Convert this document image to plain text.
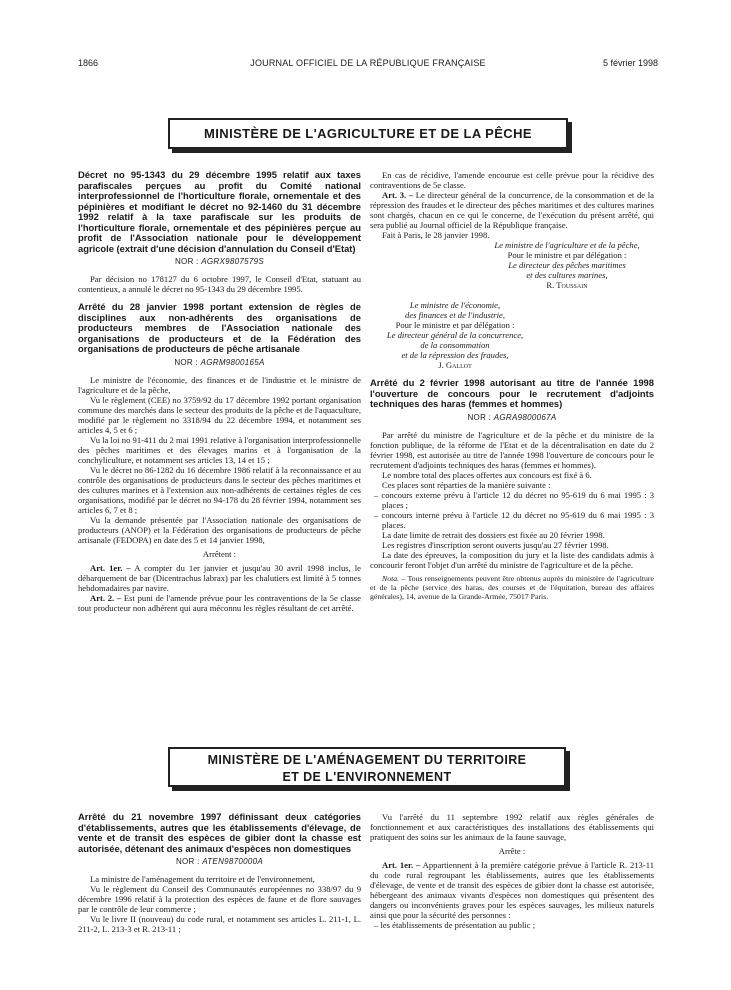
1866	JOURNAL OFFICIEL DE LA RÉPUBLIQUE FRANÇAISE	5 février 1998
MINISTÈRE DE L'AGRICULTURE ET DE LA PÊCHE

Décret no 95-1343 du 29 décembre 1995 relatif aux taxes parafiscales perçues au profit du Comité national interprofessionnel de l'horticulture florale, ornementale et des pépinières et modifiant le décret no 92-1460 du 31 décembre 1992 relatif à la taxe parafiscale sur les produits de l'horticulture florale, ornementale et des pépinières perçue au profit de l'Association nationale pour le développement agricole (extrait d'une décision d'annulation du Conseil d'Etat)

NOR : AGRX9807579S

Par décision no 178127 du 6 octobre 1997, le Conseil d'Etat, statuant au contentieux, a annulé le décret no 95-1343 du 29 décembre 1995.

Arrêté du 28 janvier 1998 portant extension de règles de disciplines aux non-adhérents des organisations de producteurs membres de l'Association nationale des organisations de producteurs et de la Fédération des organisations de producteurs de pêche artisanale

NOR : AGRM9800165A

Le ministre de l'économie, des finances et de l'industrie et le ministre de l'agriculture et de la pêche,

Vu le règlement (CEE) no 3759/92 du 17 décembre 1992 portant organisation commune des marchés dans le secteur des produits de la pêche et de l'aquaculture, modifié par le règlement no 3318/94 du 22 décembre 1994, et notamment ses articles 4, 5 et 6 ;

Vu la loi no 91-411 du 2 mai 1991 relative à l'organisation interprofessionnelle des pêches maritimes et des élevages marins et à l'organisation de la conchyliculture, et notamment ses articles 13, 14 et 15 ;

Vu le décret no 86-1282 du 16 décembre 1986 relatif à la reconnaissance et au contrôle des organisations de producteurs dans le secteur des pêches maritimes et des cultures marines et à l'extension aux non-adhérents de certaines règles de ces organisations, modifié par le décret no 94-178 du 28 février 1994, notamment ses articles 6, 7 et 8 ;

Vu la demande présentée par l'Association nationale des organisations de producteurs (ANOP) et la Fédération des organisations de producteurs de pêche artisanale (FEDOPA) en date des 5 et 14 janvier 1998,

Arrêtent :

Art. 1er. – A compter du 1er janvier et jusqu'au 30 avril 1998 inclus, le débarquement de bar (Dicentrachus labrax) par les chalutiers est limité à 5 tonnes hebdomadaires par navire.

Art. 2. – Est puni de l'amende prévue pour les contraventions de la 5e classe tout producteur non adhérent qui aura méconnu les règles résultant de cet arrêté.

En cas de récidive, l'amende encourue est celle prévue pour la récidive des contraventions de 5e classe.

Art. 3. – Le directeur général de la concurrence, de la consommation et de la répression des fraudes et le directeur des pêches maritimes et des cultures marines sont chargés, chacun en ce qui le concerne, de l'exécution du présent arrêté, qui sera publié au Journal officiel de la République française.

Fait à Paris, le 28 janvier 1998.

Le ministre de l'agriculture et de la pêche,

Pour le ministre et par délégation :

Le directeur des pêches maritimes

et des cultures marines,

R. Toussain

Le ministre de l'économie,

des finances et de l'industrie,

Pour le ministre et par délégation :

Le directeur général de la concurrence,

de la consommation

et de la répression des fraudes,

J. Gallot

Arrêté du 2 février 1998 autorisant au titre de l'année 1998 l'ouverture de concours pour le recrutement d'adjoints techniques des haras (femmes et hommes)

NOR : AGRA9800067A

Par arrêté du ministre de l'agriculture et de la pêche et du ministre de la fonction publique, de la réforme de l'Etat et de la décentralisation en date du 2 février 1998, est autorisée au titre de l'année 1998 l'ouverture de concours pour le recrutement d'adjoints techniques des haras (femmes et hommes).

Le nombre total des places offertes aux concours est fixé à 6.

Ces places sont réparties de la manière suivante :

– concours externe prévu à l'article 12 du décret no 95-619 du 6 mai 1995 : 3 places ;

– concours interne prévu à l'article 12 du décret no 95-619 du 6 mai 1995 : 3 places.

La date limite de retrait des dossiers est fixée au 20 février 1998.

Les registres d'inscription seront ouverts jusqu'au 27 février 1998.

La date des épreuves, la composition du jury et la liste des candidats admis à concourir feront l'objet d'un arrêté du ministre de l'agriculture et de la pêche.

Nota. – Tous renseignements peuvent être obtenus auprès du ministère de l'agriculture et de la pêche (service des haras, des courses et de l'équitation, bureau des affaires générales), 14, avenue de la Grande-Armée, 75017 Paris.

MINISTÈRE DE L'AMÉNAGEMENT DU TERRITOIRE
ET DE L'ENVIRONNEMENT

Arrêté du 21 novembre 1997 définissant deux catégories d'établissements, autres que les établissements d'élevage, de vente et de transit des espèces de gibier dont la chasse est autorisée, détenant des animaux d'espèces non domestiques

NOR : ATEN9870000A

La ministre de l'aménagement du territoire et de l'environnement,

Vu le règlement du Conseil des Communautés européennes no 338/97 du 9 décembre 1996 relatif à la protection des espèces de faune et de flore sauvages par le contrôle de leur commerce ;

Vu le livre II (nouveau) du code rural, et notamment ses articles L. 211-1, L. 211-2, L. 213-3 et R. 213-11 ;

Vu l'arrêté du 11 septembre 1992 relatif aux règles générales de fonctionnement et aux caractéristiques des installations des établissements qui pratiquent des soins sur les animaux de la faune sauvage,

Arrête :

Art. 1er. – Appartiennent à la première catégorie prévue à l'article R. 213-11 du code rural regroupant les établissements, autres que les établissements d'élevage, de vente et de transit des espèces de gibier dont la chasse est autorisée, hébergeant des animaux vivants d'espèces non domestiques qui présentent des dangers ou inconvénients graves pour les espèces sauvages, les milieux naturels ainsi que pour la sécurité des personnes :

– les établissements de présentation au public ;
